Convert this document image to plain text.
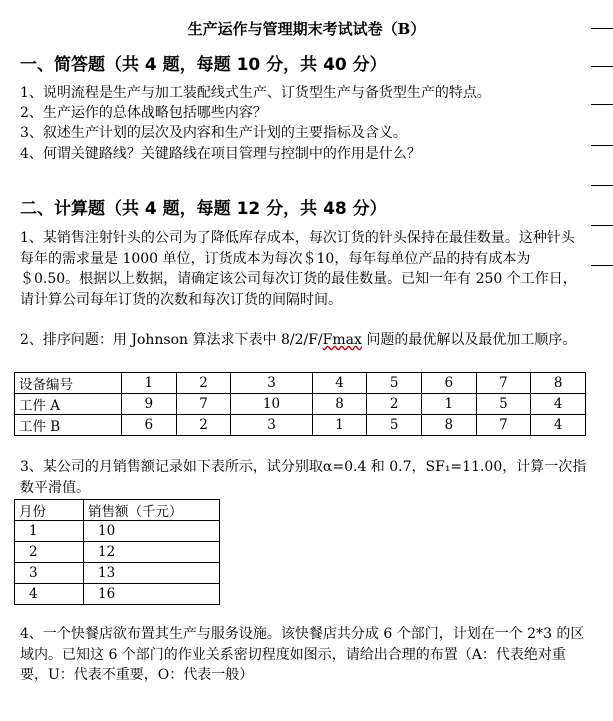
生产运作与管理期末考试试卷（B）
一、简答题（共 4 题，每题 10 分，共 40 分）
1、说明流程是生产与加工装配线式生产、订货型生产与备货型生产的特点。
2、生产运作的总体战略包括哪些内容？
3、叙述生产计划的层次及内容和生产计划的主要指标及含义。
4、何谓关键路线？关键路线在项目管理与控制中的作用是什么？
二、计算题（共 4 题，每题 12 分，共 48 分）
1、某销售注射针头的公司为了降低库存成本，每次订货的针头保持在最佳数量。这种针头每年的需求量是 1000 单位，订货成本为每次＄10，每年每单位产品的持有成本为＄0.50。根据以上数据，请确定该公司每次订货的最佳数量。已知一年有 250 个工作日，请计算公司每年订货的次数和每次订货的间隔时间。
2、排序问题：用 Johnson 算法求下表中 8/2/F/Fmax 问题的最优解以及最优加工顺序。
设备编号	1	2	3	4	5	6	7	8
工件 A	9	7	10	8	2	1	5	4
工件 B	6	2	3	1	5	8	7	4
3、某公司的月销售额记录如下表所示，试分别取α=0.4 和 0.7，SF₁=11.00，计算一次指数平滑值。
月份	销售额（千元）
1	10
2	12
3	13
4	16
4、一个快餐店欲布置其生产与服务设施。该快餐店共分成 6 个部门，计划在一个 2*3 的区域内。已知这 6 个部门的作业关系密切程度如图示，请给出合理的布置（A：代表绝对重要，U：代表不重要，O：代表一般）
